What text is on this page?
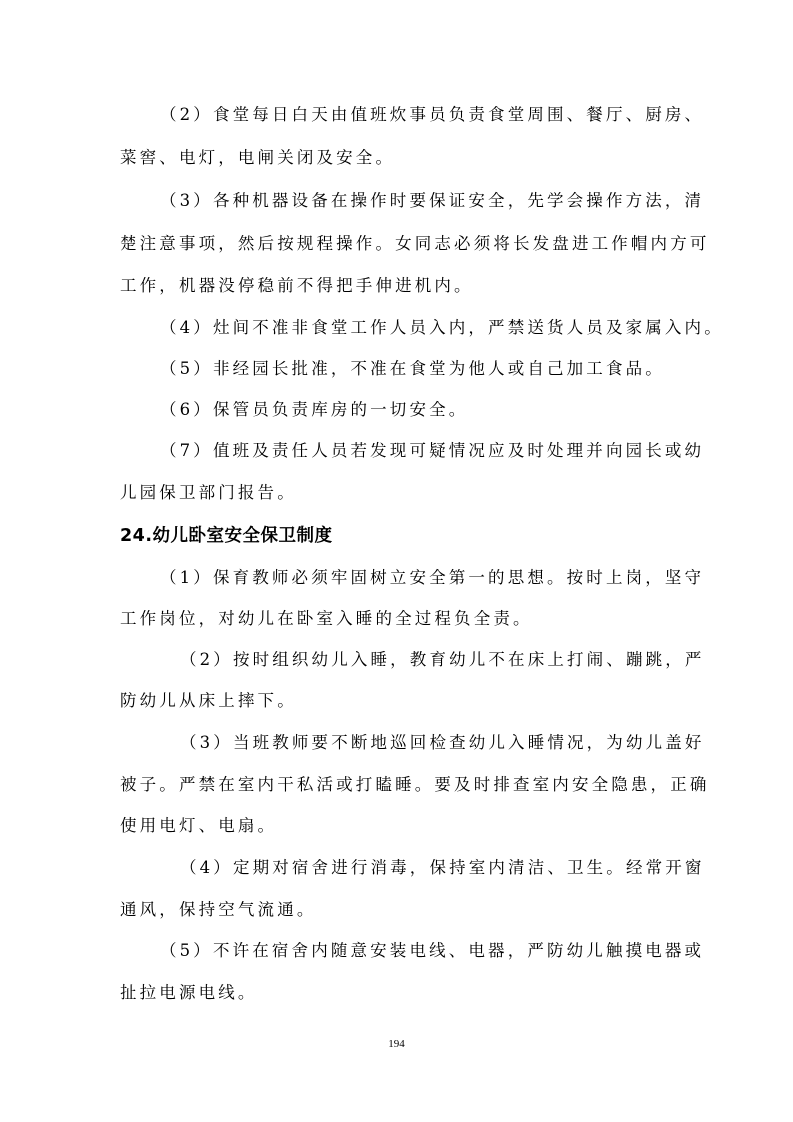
（2）食堂每日白天由值班炊事员负责食堂周围、餐厅、厨房、
菜窖、电灯，电闸关闭及安全。
（3）各种机器设备在操作时要保证安全，先学会操作方法，清
楚注意事项，然后按规程操作。女同志必须将长发盘进工作帽内方可
工作，机器没停稳前不得把手伸进机内。
（4）灶间不准非食堂工作人员入内，严禁送货人员及家属入内。
（5）非经园长批准，不准在食堂为他人或自己加工食品。
（6）保管员负责库房的一切安全。
（7）值班及责任人员若发现可疑情况应及时处理并向园长或幼
儿园保卫部门报告。
24.幼儿卧室安全保卫制度
（1）保育教师必须牢固树立安全第一的思想。按时上岗，坚守
工作岗位，对幼儿在卧室入睡的全过程负全责。
（2）按时组织幼儿入睡，教育幼儿不在床上打闹、蹦跳，严
防幼儿从床上摔下。
（3）当班教师要不断地巡回检查幼儿入睡情况，为幼儿盖好
被子。严禁在室内干私活或打瞌睡。要及时排查室内安全隐患，正确
使用电灯、电扇。
（4）定期对宿舍进行消毒，保持室内清洁、卫生。经常开窗
通风，保持空气流通。
（5）不许在宿舍内随意安装电线、电器，严防幼儿触摸电器或
扯拉电源电线。
194
